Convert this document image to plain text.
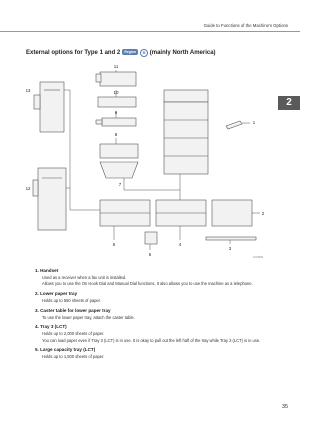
Guide to Functions of the Machine's Options
2
External options for Type 1 and 2 Region B (mainly North America)
1
2
3
4
5
6
7
8
9
10
11
12
13
CUV003
1. Handset
Used as a receiver when a fax unit is installed.
Allows you to use the On Hook Dial and Manual Dial functions. It also allows you to use the machine as a telephone.
2. Lower paper tray
Holds up to 550 sheets of paper.
3. Caster table for lower paper tray
To use the lower paper tray, attach the caster table.
4. Tray 3 (LCT)
Holds up to 2,000 sheets of paper.
You can load paper even if Tray 3 (LCT) is in use. It is okay to pull out the left half of the tray while Tray 3 (LCT) is in use.
5. Large capacity tray (LCT)
Holds up to 1,500 sheets of paper.
35
